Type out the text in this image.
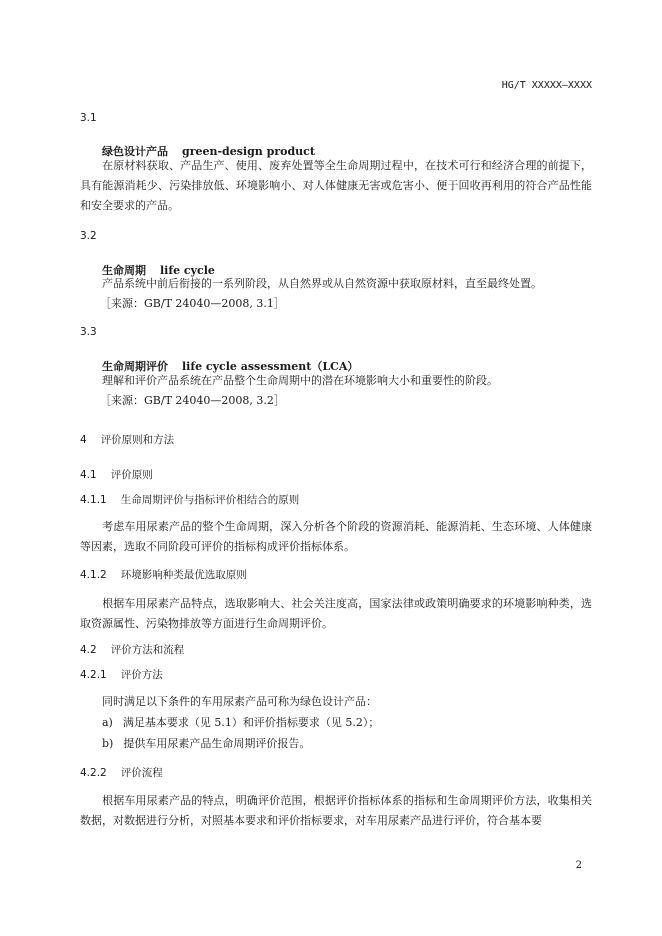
HG/T XXXXX—XXXX
3.1
绿色设计产品 green-design product
在原材料获取、产品生产、使用、废弃处置等全生命周期过程中，在技术可行和经济合理的前提下，具有能源消耗少、污染排放低、环境影响小、对人体健康无害或危害小、便于回收再利用的符合产品性能和安全要求的产品。
3.2
生命周期 life cycle
产品系统中前后衔接的一系列阶段，从自然界或从自然资源中获取原材料，直至最终处置。
［来源：GB/T 24040—2008, 3.1］
3.3
生命周期评价 life cycle assessment（LCA）
理解和评价产品系统在产品整个生命周期中的潜在环境影响大小和重要性的阶段。
［来源：GB/T 24040—2008, 3.2］
4 评价原则和方法
4.1 评价原则
4.1.1 生命周期评价与指标评价相结合的原则
考虑车用尿素产品的整个生命周期，深入分析各个阶段的资源消耗、能源消耗、生态环境、人体健康等因素，选取不同阶段可评价的指标构成评价指标体系。
4.1.2 环境影响种类最优选取原则
根据车用尿素产品特点，选取影响大、社会关注度高，国家法律或政策明确要求的环境影响种类，选取资源属性、污染物排放等方面进行生命周期评价。
4.2 评价方法和流程
4.2.1 评价方法
同时满足以下条件的车用尿素产品可称为绿色设计产品：
a) 满足基本要求（见 5.1）和评价指标要求（见 5.2）；
b) 提供车用尿素产品生命周期评价报告。
4.2.2 评价流程
根据车用尿素产品的特点，明确评价范围，根据评价指标体系的指标和生命周期评价方法，收集相关数据，对数据进行分析，对照基本要求和评价指标要求，对车用尿素产品进行评价，符合基本要
2
